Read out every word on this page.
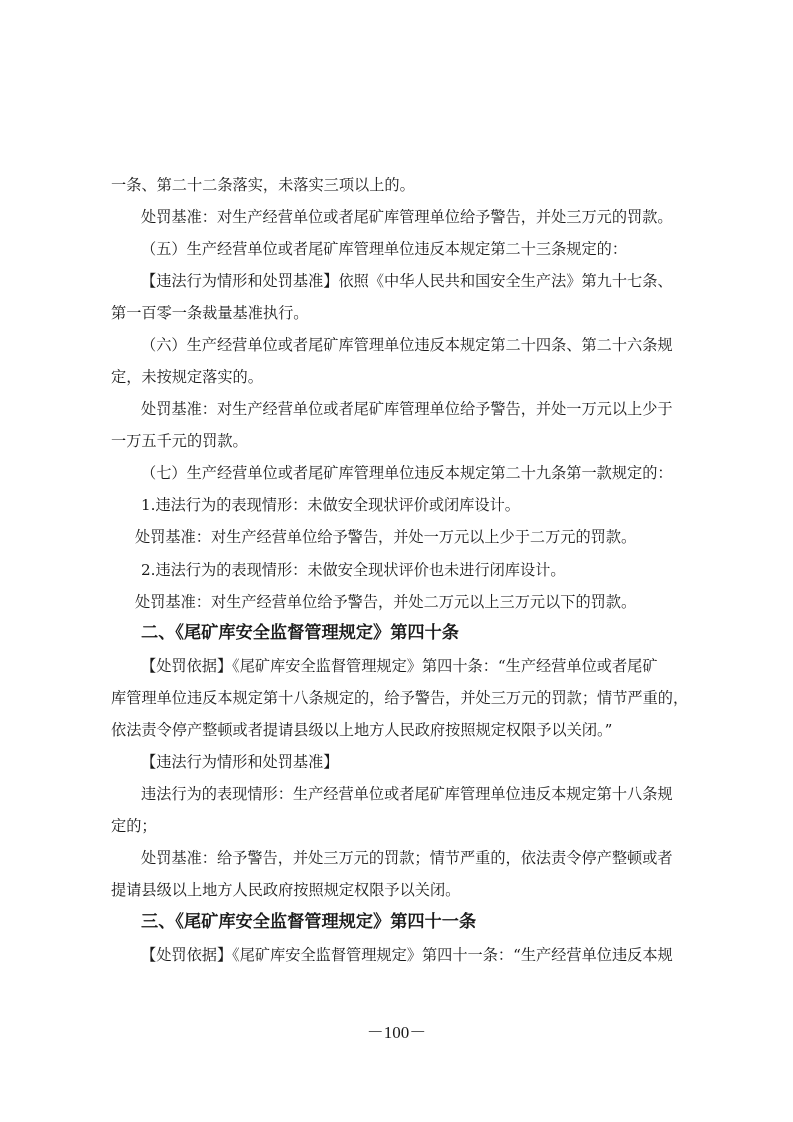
一条、第二十二条落实，未落实三项以上的。
处罚基准：对生产经营单位或者尾矿库管理单位给予警告，并处三万元的罚款。
（五）生产经营单位或者尾矿库管理单位违反本规定第二十三条规定的：
【违法行为情形和处罚基准】依照《中华人民共和国安全生产法》第九十七条、
第一百零一条裁量基准执行。
（六）生产经营单位或者尾矿库管理单位违反本规定第二十四条、第二十六条规
定，未按规定落实的。
处罚基准：对生产经营单位或者尾矿库管理单位给予警告，并处一万元以上少于
一万五千元的罚款。
（七）生产经营单位或者尾矿库管理单位违反本规定第二十九条第一款规定的：
1.违法行为的表现情形：未做安全现状评价或闭库设计。
处罚基准：对生产经营单位给予警告，并处一万元以上少于二万元的罚款。
2.违法行为的表现情形：未做安全现状评价也未进行闭库设计。
处罚基准：对生产经营单位给予警告，并处二万元以上三万元以下的罚款。
二、《尾矿库安全监督管理规定》第四十条
【处罚依据】《尾矿库安全监督管理规定》第四十条：“生产经营单位或者尾矿
库管理单位违反本规定第十八条规定的，给予警告，并处三万元的罚款；情节严重的，
依法责令停产整顿或者提请县级以上地方人民政府按照规定权限予以关闭。”
【违法行为情形和处罚基准】
违法行为的表现情形：生产经营单位或者尾矿库管理单位违反本规定第十八条规
定的；
处罚基准：给予警告，并处三万元的罚款；情节严重的，依法责令停产整顿或者
提请县级以上地方人民政府按照规定权限予以关闭。
三、《尾矿库安全监督管理规定》第四十一条
【处罚依据】《尾矿库安全监督管理规定》第四十一条：“生产经营单位违反本规
－100－
